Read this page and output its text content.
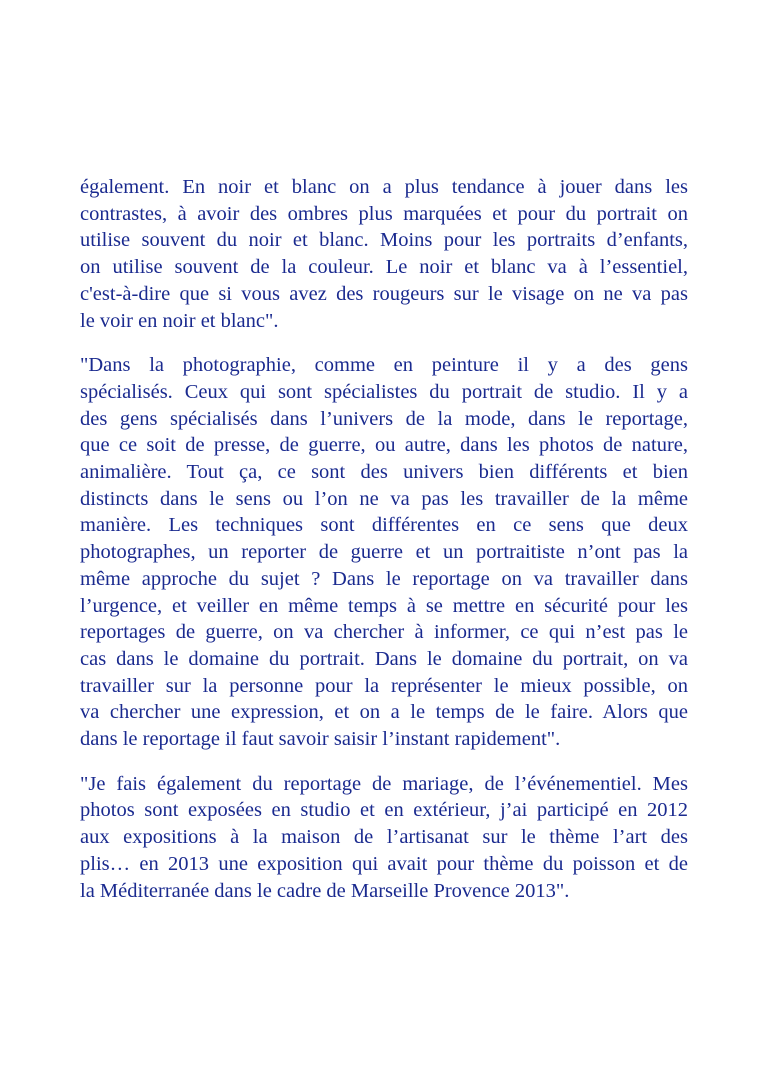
également. En noir et blanc on a plus tendance à jouer dans les
contrastes, à avoir des ombres plus marquées et pour du portrait on
utilise souvent du noir et blanc. Moins pour les portraits d’enfants,
on utilise souvent de la couleur. Le noir et blanc va à l’essentiel,
c'est-à-dire que si vous avez des rougeurs sur le visage on ne va pas
le voir en noir et blanc".

"Dans la photographie, comme en peinture il y a des gens
spécialisés. Ceux qui sont spécialistes du portrait de studio. Il y a
des gens spécialisés dans l’univers de la mode, dans le reportage,
que ce soit de presse, de guerre, ou autre, dans les photos de nature,
animalière. Tout ça, ce sont des univers bien différents et bien
distincts dans le sens ou l’on ne va pas les travailler de la même
manière. Les techniques sont différentes en ce sens que deux
photographes, un reporter de guerre et un portraitiste n’ont pas la
même approche du sujet ? Dans le reportage on va travailler dans
l’urgence, et veiller en même temps à se mettre en sécurité pour les
reportages de guerre, on va chercher à informer, ce qui n’est pas le
cas dans le domaine du portrait. Dans le domaine du portrait, on va
travailler sur la personne pour la représenter le mieux possible, on
va chercher une expression, et on a le temps de le faire. Alors que
dans le reportage il faut savoir saisir l’instant rapidement".

"Je fais également du reportage de mariage, de l’événementiel. Mes
photos sont exposées en studio et en extérieur, j’ai participé en 2012
aux expositions à la maison de l’artisanat sur le thème l’art des
plis… en 2013 une exposition qui avait pour thème du poisson et de
la Méditerranée dans le cadre de Marseille Provence 2013".
